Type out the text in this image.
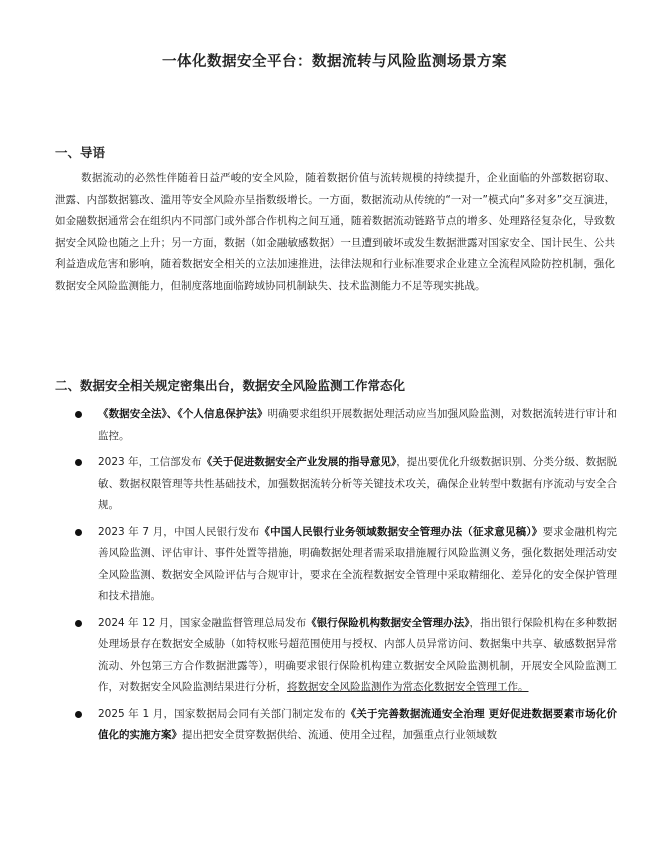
一体化数据安全平台：数据流转与风险监测场景方案
一、导语

数据流动的必然性伴随着日益严峻的安全风险，随着数据价值与流转规模的持续提升，企业面临的外部数据窃取、泄露、内部数据篡改、滥用等安全风险亦呈指数级增长。一方面，数据流动从传统的“一对一”模式向“多对多”交互演进，如金融数据通常会在组织内不同部门或外部合作机构之间互通，随着数据流动链路节点的增多、处理路径复杂化，导致数据安全风险也随之上升；另一方面，数据（如金融敏感数据）一旦遭到破坏或发生数据泄露对国家安全、国计民生、公共利益造成危害和影响，随着数据安全相关的立法加速推进，法律法规和行业标准要求企业建立全流程风险防控机制，强化数据安全风险监测能力，但制度落地面临跨域协同机制缺失、技术监测能力不足等现实挑战。

二、数据安全相关规定密集出台，数据安全风险监测工作常态化
《数据安全法》、《个人信息保护法》明确要求组织开展数据处理活动应当加强风险监测，对数据流转进行审计和监控。
2023 年，工信部发布《关于促进数据安全产业发展的指导意见》，提出要优化升级数据识别、分类分级、数据脱敏、数据权限管理等共性基础技术，加强数据流转分析等关键技术攻关，确保企业转型中数据有序流动与安全合规。
2023 年 7 月，中国人民银行发布《中国人民银行业务领域数据安全管理办法（征求意见稿）》要求金融机构完善风险监测、评估审计、事件处置等措施，明确数据处理者需采取措施履行风险监测义务，强化数据处理活动安全风险监测、数据安全风险评估与合规审计，要求在全流程数据安全管理中采取精细化、差异化的安全保护管理和技术措施。
2024 年 12 月，国家金融监督管理总局发布《银行保险机构数据安全管理办法》，指出银行保险机构在多种数据处理场景存在数据安全威胁（如特权账号超范围使用与授权、内部人员异常访问、数据集中共享、敏感数据异常流动、外包第三方合作数据泄露等），明确要求银行保险机构建立数据安全风险监测机制，开展安全风险监测工作，对数据安全风险监测结果进行分析，将数据安全风险监测作为常态化数据安全管理工作。
2025 年 1 月，国家数据局会同有关部门制定发布的《关于完善数据流通安全治理 更好促进数据要素市场化价值化的实施方案》提出把安全贯穿数据供给、流通、使用全过程，加强重点行业领域数
